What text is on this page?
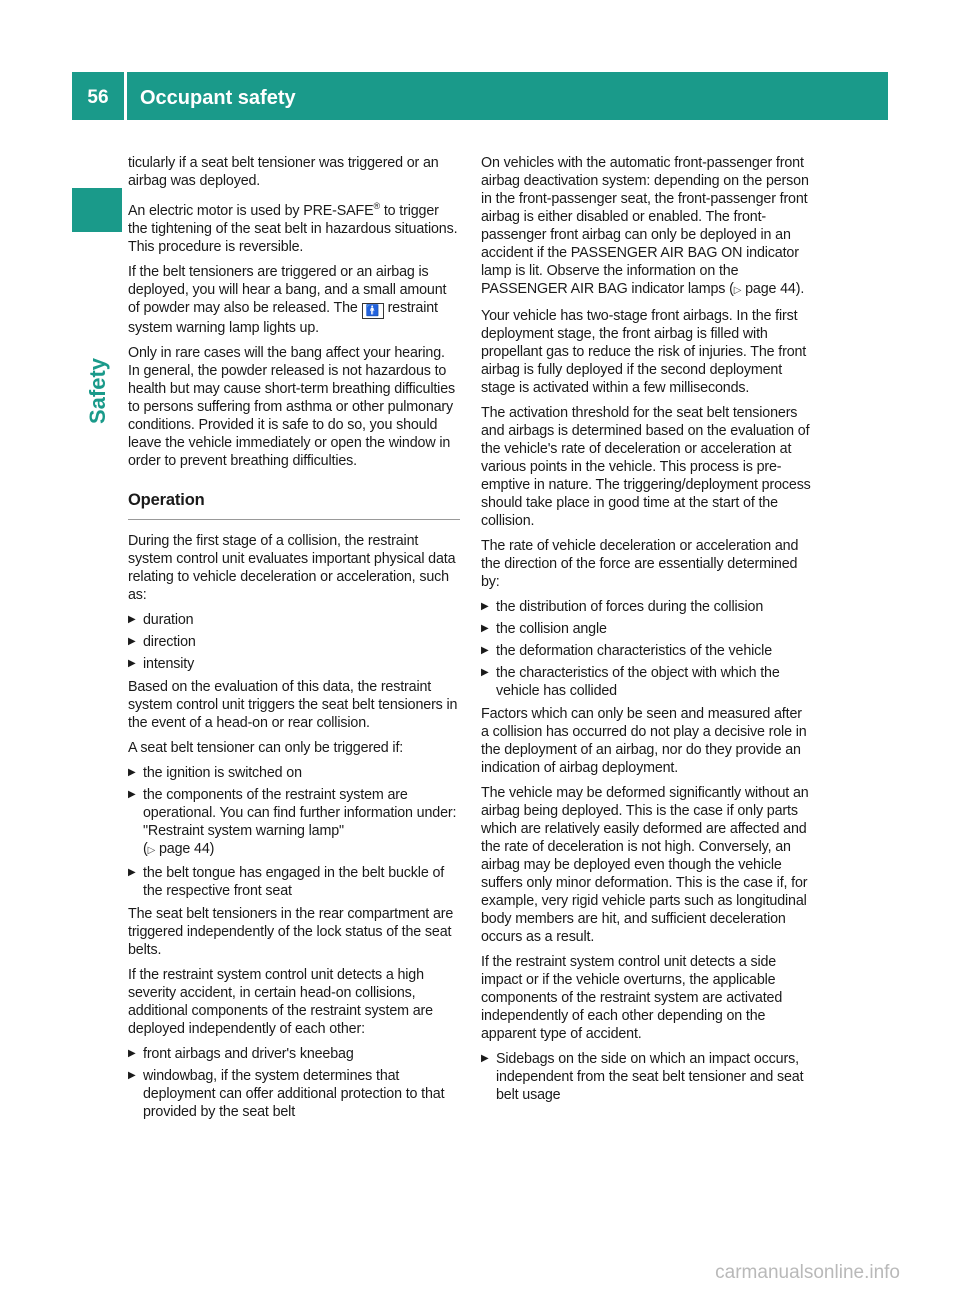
56	Occupant safety
Safety

ticularly if a seat belt tensioner was triggered or an airbag was deployed.

An electric motor is used by PRE-SAFE® to trigger the tightening of the seat belt in hazardous situations. This procedure is reversible.

If the belt tensioners are triggered or an airbag is deployed, you will hear a bang, and a small amount of powder may also be released. The 🚹 restraint system warning lamp lights up.

Only in rare cases will the bang affect your hearing. In general, the powder released is not hazardous to health but may cause short-term breathing difficulties to persons suffering from asthma or other pulmonary conditions. Provided it is safe to do so, you should leave the vehicle immediately or open the window in order to prevent breathing difficulties.

Operation

During the first stage of a collision, the restraint system control unit evaluates important physical data relating to vehicle deceleration or acceleration, such as:

▶ duration
▶ direction
▶ intensity

Based on the evaluation of this data, the restraint system control unit triggers the seat belt tensioners in the event of a head-on or rear collision.

A seat belt tensioner can only be triggered if:

▶ the ignition is switched on
▶ the components of the restraint system are operational. You can find further information under: "Restraint system warning lamp"
(▷ page 44)
▶ the belt tongue has engaged in the belt buckle of the respective front seat

The seat belt tensioners in the rear compartment are triggered independently of the lock status of the seat belts.

If the restraint system control unit detects a high severity accident, in certain head-on collisions, additional components of the restraint system are deployed independently of each other:

▶ front airbags and driver's kneebag
▶ windowbag, if the system determines that deployment can offer additional protection to that provided by the seat belt

On vehicles with the automatic front-passenger front airbag deactivation system: depending on the person in the front-passenger seat, the front-passenger front airbag is either disabled or enabled. The front-passenger front airbag can only be deployed in an accident if the PASSENGER AIR BAG ON indicator lamp is lit. Observe the information on the PASSENGER AIR BAG indicator lamps (▷ page 44).

Your vehicle has two-stage front airbags. In the first deployment stage, the front airbag is filled with propellant gas to reduce the risk of injuries. The front airbag is fully deployed if the second deployment stage is activated within a few milliseconds.

The activation threshold for the seat belt tensioners and airbags is determined based on the evaluation of the vehicle's rate of deceleration or acceleration at various points in the vehicle. This process is pre-emptive in nature. The triggering/deployment process should take place in good time at the start of the collision.

The rate of vehicle deceleration or acceleration and the direction of the force are essentially determined by:

▶ the distribution of forces during the collision
▶ the collision angle
▶ the deformation characteristics of the vehicle
▶ the characteristics of the object with which the vehicle has collided

Factors which can only be seen and measured after a collision has occurred do not play a decisive role in the deployment of an airbag, nor do they provide an indication of airbag deployment.

The vehicle may be deformed significantly without an airbag being deployed. This is the case if only parts which are relatively easily deformed are affected and the rate of deceleration is not high. Conversely, an airbag may be deployed even though the vehicle suffers only minor deformation. This is the case if, for example, very rigid vehicle parts such as longitudinal body members are hit, and sufficient deceleration occurs as a result.

If the restraint system control unit detects a side impact or if the vehicle overturns, the applicable components of the restraint system are activated independently of each other depending on the apparent type of accident.

▶ Sidebags on the side on which an impact occurs, independent from the seat belt tensioner and seat belt usage
carmanualsonline.info
